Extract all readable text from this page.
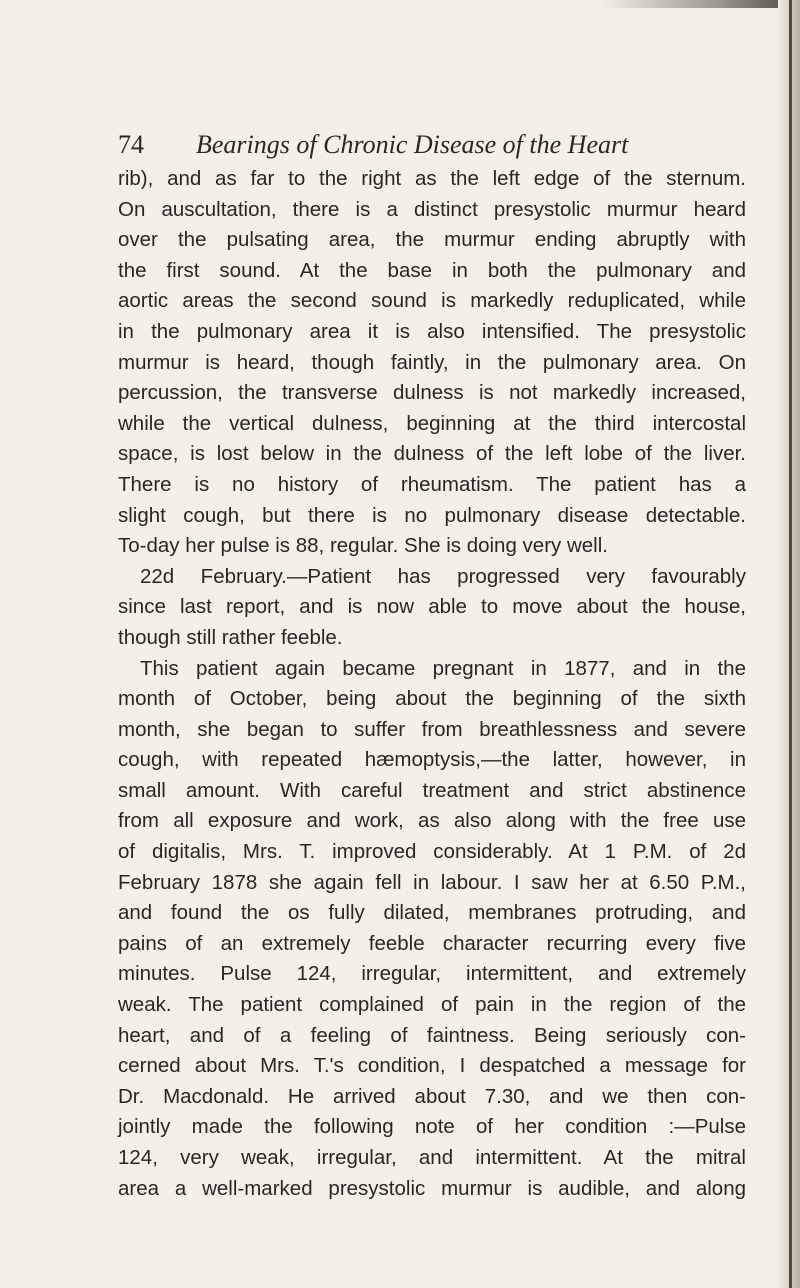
74 Bearings of Chronic Disease of the Heart
rib), and as far to the right as the left edge of the sternum.
On auscultation, there is a distinct presystolic murmur heard
over the pulsating area, the murmur ending abruptly with
the first sound. At the base in both the pulmonary and
aortic areas the second sound is markedly reduplicated, while
in the pulmonary area it is also intensified. The presystolic
murmur is heard, though faintly, in the pulmonary area. On
percussion, the transverse dulness is not markedly increased,
while the vertical dulness, beginning at the third intercostal
space, is lost below in the dulness of the left lobe of the liver.
There is no history of rheumatism. The patient has a
slight cough, but there is no pulmonary disease detectable.
To-day her pulse is 88, regular. She is doing very well.
22d February.—Patient has progressed very favourably
since last report, and is now able to move about the house,
though still rather feeble.
This patient again became pregnant in 1877, and in the
month of October, being about the beginning of the sixth
month, she began to suffer from breathlessness and severe
cough, with repeated hæmoptysis,—the latter, however, in
small amount. With careful treatment and strict abstinence
from all exposure and work, as also along with the free use
of digitalis, Mrs. T. improved considerably. At 1 P.M. of 2d
February 1878 she again fell in labour. I saw her at 6.50 P.M.,
and found the os fully dilated, membranes protruding, and
pains of an extremely feeble character recurring every five
minutes. Pulse 124, irregular, intermittent, and extremely
weak. The patient complained of pain in the region of the
heart, and of a feeling of faintness. Being seriously con-
cerned about Mrs. T.'s condition, I despatched a message for
Dr. Macdonald. He arrived about 7.30, and we then con-
jointly made the following note of her condition :—Pulse
124, very weak, irregular, and intermittent. At the mitral
area a well-marked presystolic murmur is audible, and along
